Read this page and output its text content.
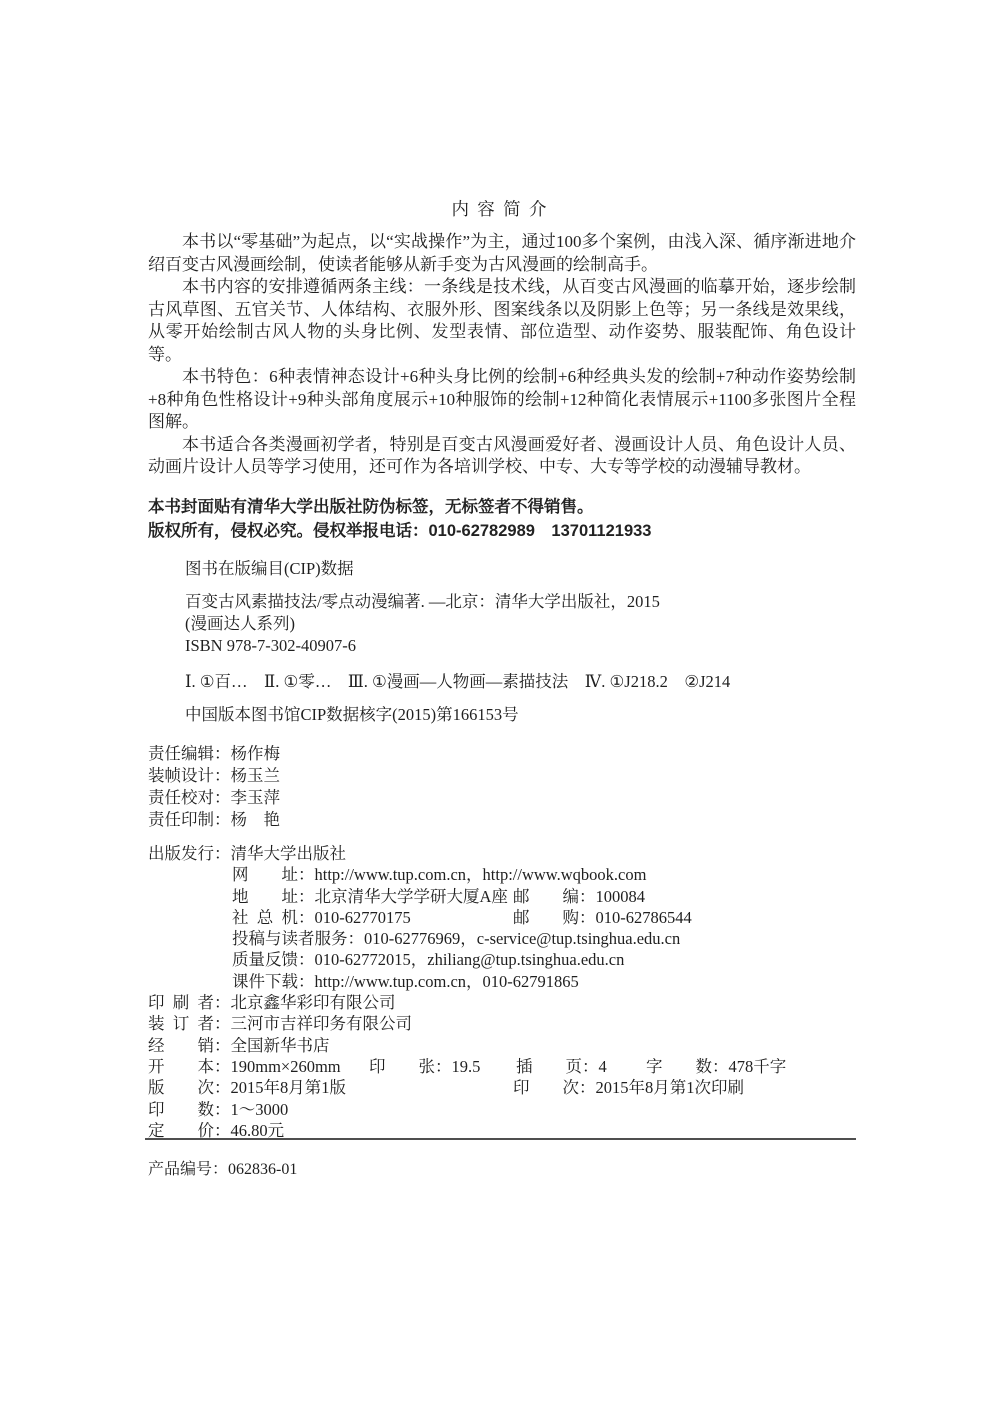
内 容 简 介

本书以“零基础”为起点，以“实战操作”为主，通过100多个案例，由浅入深、循序渐进地介绍百变古风漫画绘制，使读者能够从新手变为古风漫画的绘制高手。

本书内容的安排遵循两条主线：一条线是技术线，从百变古风漫画的临摹开始，逐步绘制古风草图、五官关节、人体结构、衣服外形、图案线条以及阴影上色等；另一条线是效果线，从零开始绘制古风人物的头身比例、发型表情、部位造型、动作姿势、服装配饰、角色设计等。

本书特色：6种表情神态设计+6种头身比例的绘制+6种经典头发的绘制+7种动作姿势绘制+8种角色性格设计+9种头部角度展示+10种服饰的绘制+12种简化表情展示+1100多张图片全程图解。

本书适合各类漫画初学者，特别是百变古风漫画爱好者、漫画设计人员、角色设计人员、动画片设计人员等学习使用，还可作为各培训学校、中专、大专等学校的动漫辅导教材。

本书封面贴有清华大学出版社防伪标签，无标签者不得销售。

版权所有，侵权必究。侵权举报电话：010-62782989　13701121933

图书在版编目(CIP)数据

百变古风素描技法/零点动漫编著. —北京：清华大学出版社，2015

(漫画达人系列)

ISBN 978-7-302-40907-6

Ⅰ. ①百…　Ⅱ. ①零…　Ⅲ. ①漫画—人物画—素描技法　Ⅳ. ①J218.2　②J214

中国版本图书馆CIP数据核字(2015)第166153号

责任编辑：杨作梅

装帧设计：杨玉兰

责任校对：李玉萍

责任印制：杨　艳

出版发行：清华大学出版社
网　　址：http://www.tup.com.cn，http://www.wqbook.com
地　　址：北京清华大学学研大厦A座 邮　　编：100084
社 总 机：010-62770175	邮　　购：010-62786544
投稿与读者服务：010-62776969，c-service@tup.tsinghua.edu.cn
质量反馈：010-62772015，zhiliang@tup.tsinghua.edu.cn
课件下载：http://www.tup.com.cn，010-62791865
印 刷 者：北京鑫华彩印有限公司
装 订 者：三河市吉祥印务有限公司
经　　销：全国新华书店
开　　本：190mm×260mm 印　　张：19.5 插　　页：4 字　　数：478千字
版　　次：2015年8月第1版	印　　次：2015年8月第1次印刷
印　　数：1～3000
定　　价：46.80元

产品编号：062836-01
